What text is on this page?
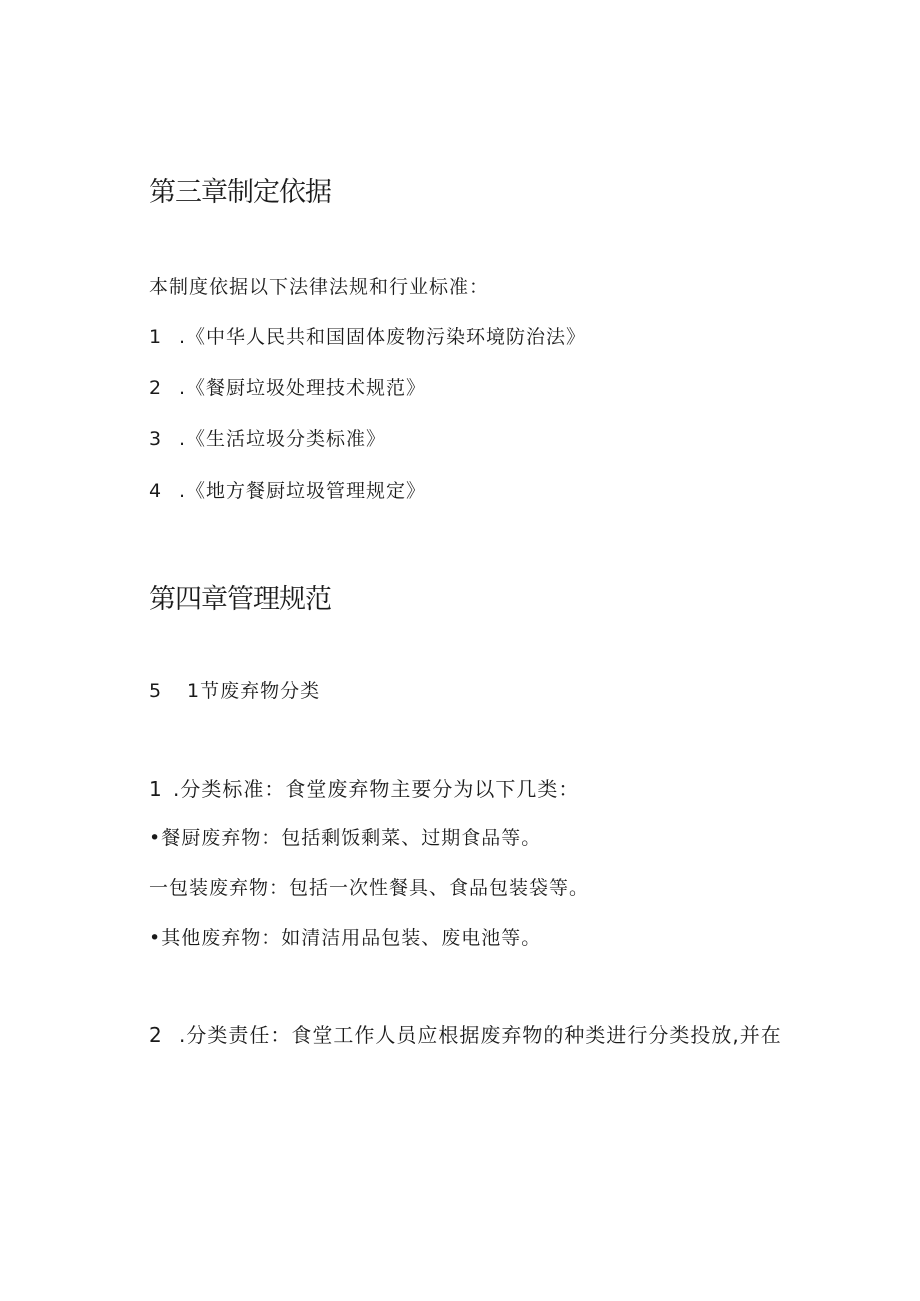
第三章制定依据

本制度依据以下法律法规和行业标准：

1 .《中华人民共和国固体废物污染环境防治法》

2 .《餐厨垃圾处理技术规范》

3 .《生活垃圾分类标准》

4 .《地方餐厨垃圾管理规定》

第四章管理规范

5 1节废弃物分类

1 .分类标准：食堂废弃物主要分为以下几类：

•餐厨废弃物：包括剩饭剩菜、过期食品等。

一包装废弃物：包括一次性餐具、食品包装袋等。

•其他废弃物：如清洁用品包装、废电池等。

2 .分类责任：食堂工作人员应根据废弃物的种类进行分类投放,并在
